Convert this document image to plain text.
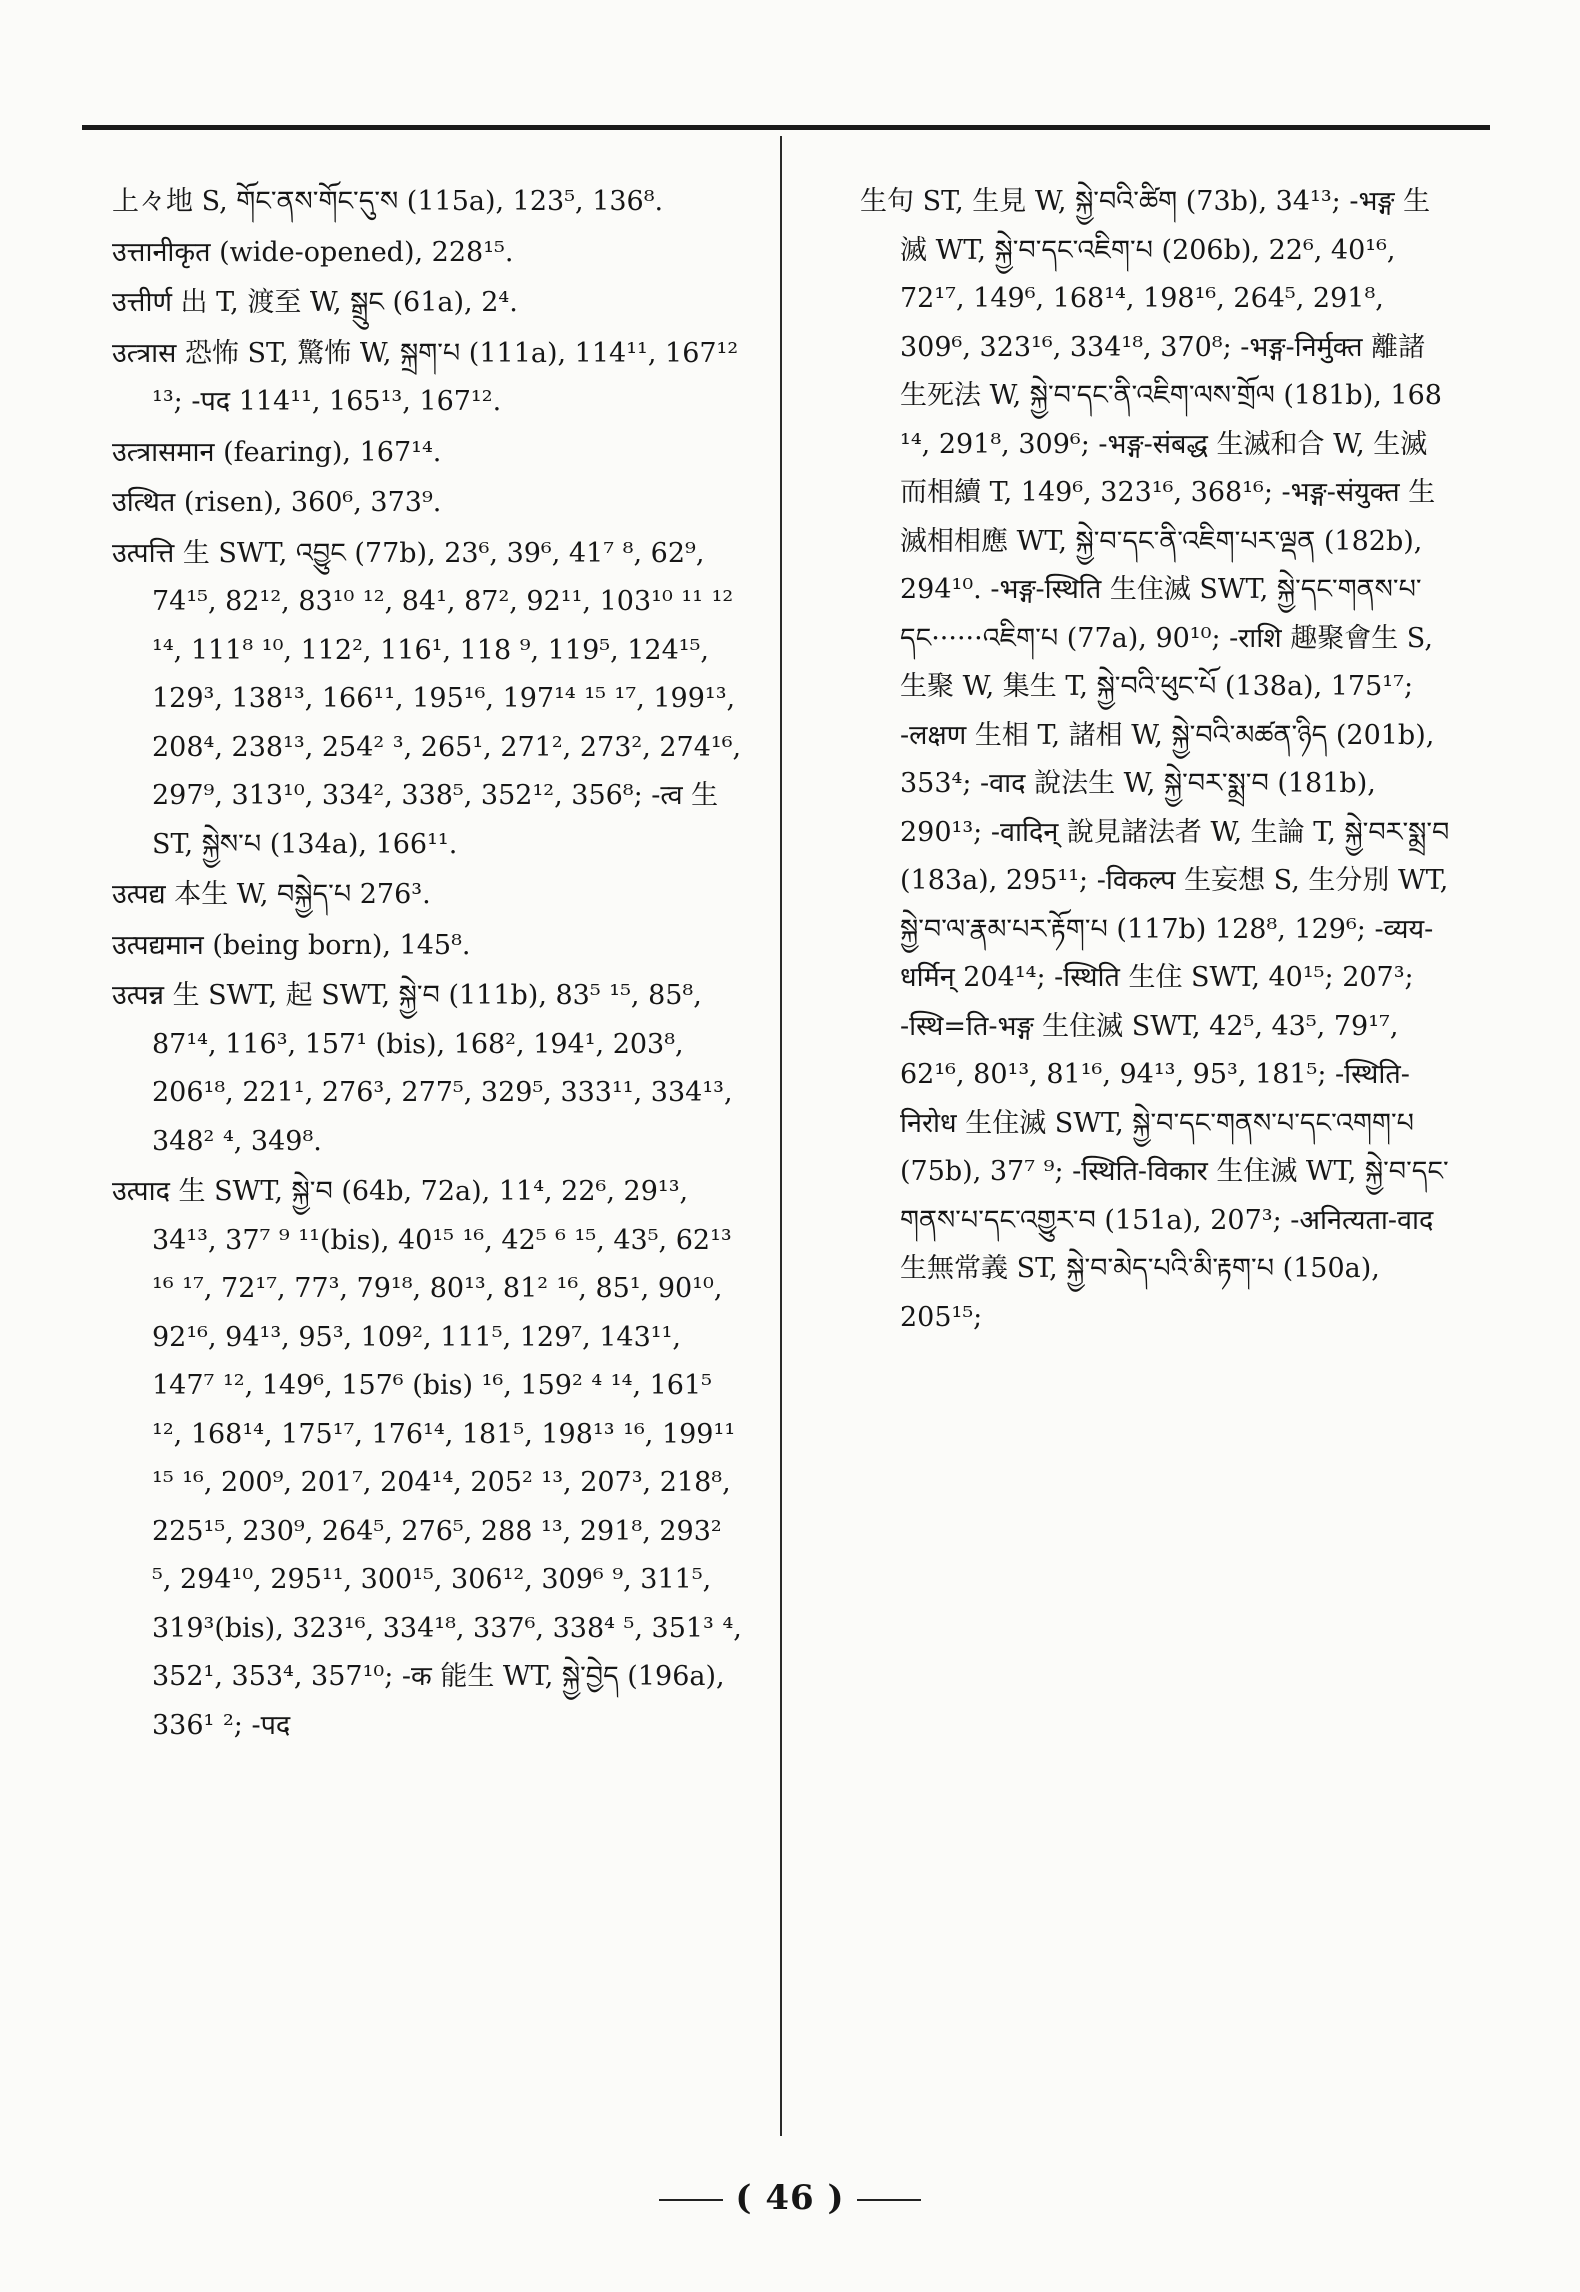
上々地 S, གོང་ནས་གོང་དུ་ས (115a), 123⁵, 136⁸.

उत्तानीकृत (wide-opened), 228¹⁵.

उत्तीर्ण 出 T, 渡至 W, སྒྲུང (61a), 2⁴.

उत्त्रास 恐怖 ST, 驚怖 W, སྐྲག་པ (111a), 114¹¹, 167¹² ¹³; -पद 114¹¹, 165¹³, 167¹².

उत्त्रासमान (fearing), 167¹⁴.

उत्थित (risen), 360⁶, 373⁹.

उत्पत्ति 生 SWT, འབྱུང (77b), 23⁶, 39⁶, 41⁷ ⁸, 62⁹, 74¹⁵, 82¹², 83¹⁰ ¹², 84¹, 87², 92¹¹, 103¹⁰ ¹¹ ¹² ¹⁴, 111⁸ ¹⁰, 112², 116¹, 118 ⁹, 119⁵, 124¹⁵, 129³, 138¹³, 166¹¹, 195¹⁶, 197¹⁴ ¹⁵ ¹⁷, 199¹³, 208⁴, 238¹³, 254² ³, 265¹, 271², 273², 274¹⁶, 297⁹, 313¹⁰, 334², 338⁵, 352¹², 356⁸; -त्व 生 ST, སྐྱེས་པ (134a), 166¹¹.

उत्पद्य 本生 W, བསྐྱེད་པ 276³.

उत्पद्यमान (being born), 145⁸.

उत्पन्न 生 SWT, 起 SWT, སྐྱེ་བ (111b), 83⁵ ¹⁵, 85⁸, 87¹⁴, 116³, 157¹ (bis), 168², 194¹, 203⁸, 206¹⁸, 221¹, 276³, 277⁵, 329⁵, 333¹¹, 334¹³, 348² ⁴, 349⁸.

उत्पाद 生 SWT, སྐྱེ་བ (64b, 72a), 11⁴, 22⁶, 29¹³, 34¹³, 37⁷ ⁹ ¹¹(bis), 40¹⁵ ¹⁶, 42⁵ ⁶ ¹⁵, 43⁵, 62¹³ ¹⁶ ¹⁷, 72¹⁷, 77³, 79¹⁸, 80¹³, 81² ¹⁶, 85¹, 90¹⁰, 92¹⁶, 94¹³, 95³, 109², 111⁵, 129⁷, 143¹¹, 147⁷ ¹², 149⁶, 157⁶ (bis) ¹⁶, 159² ⁴ ¹⁴, 161⁵ ¹², 168¹⁴, 175¹⁷, 176¹⁴, 181⁵, 198¹³ ¹⁶, 199¹¹ ¹⁵ ¹⁶, 200⁹, 201⁷, 204¹⁴, 205² ¹³, 207³, 218⁸, 225¹⁵, 230⁹, 264⁵, 276⁵, 288 ¹³, 291⁸, 293² ⁵, 294¹⁰, 295¹¹, 300¹⁵, 306¹², 309⁶ ⁹, 311⁵, 319³(bis), 323¹⁶, 334¹⁸, 337⁶, 338⁴ ⁵, 351³ ⁴, 352¹, 353⁴, 357¹⁰; -क 能生 WT, སྐྱེ་བྱེད (196a), 336¹ ²; -पद

生句 ST, 生見 W, སྐྱེ་བའི་ཚིག (73b), 34¹³; -भङ्ग 生滅 WT, སྐྱེ་བ་དང་འཇིག་པ (206b), 22⁶, 40¹⁶, 72¹⁷, 149⁶, 168¹⁴, 198¹⁶, 264⁵, 291⁸, 309⁶, 323¹⁶, 334¹⁸, 370⁸; -भङ्ग-निर्मुक्त 離諸生死法 W, སྐྱེ་བ་དང་ནི་འཇིག་ལས་གྲོལ (181b), 168 ¹⁴, 291⁸, 309⁶; -भङ्ग-संबद्ध 生滅和合 W, 生滅而相續 T, 149⁶, 323¹⁶, 368¹⁶; -भङ्ग-संयुक्त 生滅相相應 WT, སྐྱེ་བ་དང་ནི་འཇིག་པར་ལྡན (182b), 294¹⁰. -भङ्ग-स्थिति 生住滅 SWT, སྐྱེ་དང་གནས་པ་དང······འཇིག་པ (77a), 90¹⁰; -राशि 趣聚會生 S, 生聚 W, 集生 T, སྐྱེ་བའི་ཕུང་པོ (138a), 175¹⁷; -लक्षण 生相 T, 諸相 W, སྐྱེ་བའི་མཚན་ཉིད (201b), 353⁴; -वाद 說法生 W, སྐྱེ་བར་སྨྲ་བ (181b), 290¹³; -वादिन् 說見諸法者 W, 生論 T, སྐྱེ་བར་སྨྲ་བ (183a), 295¹¹; -विकल्प 生妄想 S, 生分別 WT, སྐྱེ་བ་ལ་རྣམ་པར་རྟོག་པ (117b) 128⁸, 129⁶; -व्यय-धर्मिन् 204¹⁴; -स्थिति 生住 SWT, 40¹⁵; 207³; -स्थि=ति-भङ्ग 生住滅 SWT, 42⁵, 43⁵, 79¹⁷, 62¹⁶, 80¹³, 81¹⁶, 94¹³, 95³, 181⁵; -स्थिति-निरोध 生住滅 SWT, སྐྱེ་བ་དང་གནས་པ་དང་འགག་པ (75b), 37⁷ ⁹; -स्थिति-विकार 生住滅 WT, སྐྱེ་བ་དང་གནས་པ་དང་འགྱུར་བ (151a), 207³; -अनित्यता-वाद 生無常義 ST, སྐྱེ་བ་མེད་པའི་མི་རྟག་པ (150a), 205¹⁵;

( 46 )
